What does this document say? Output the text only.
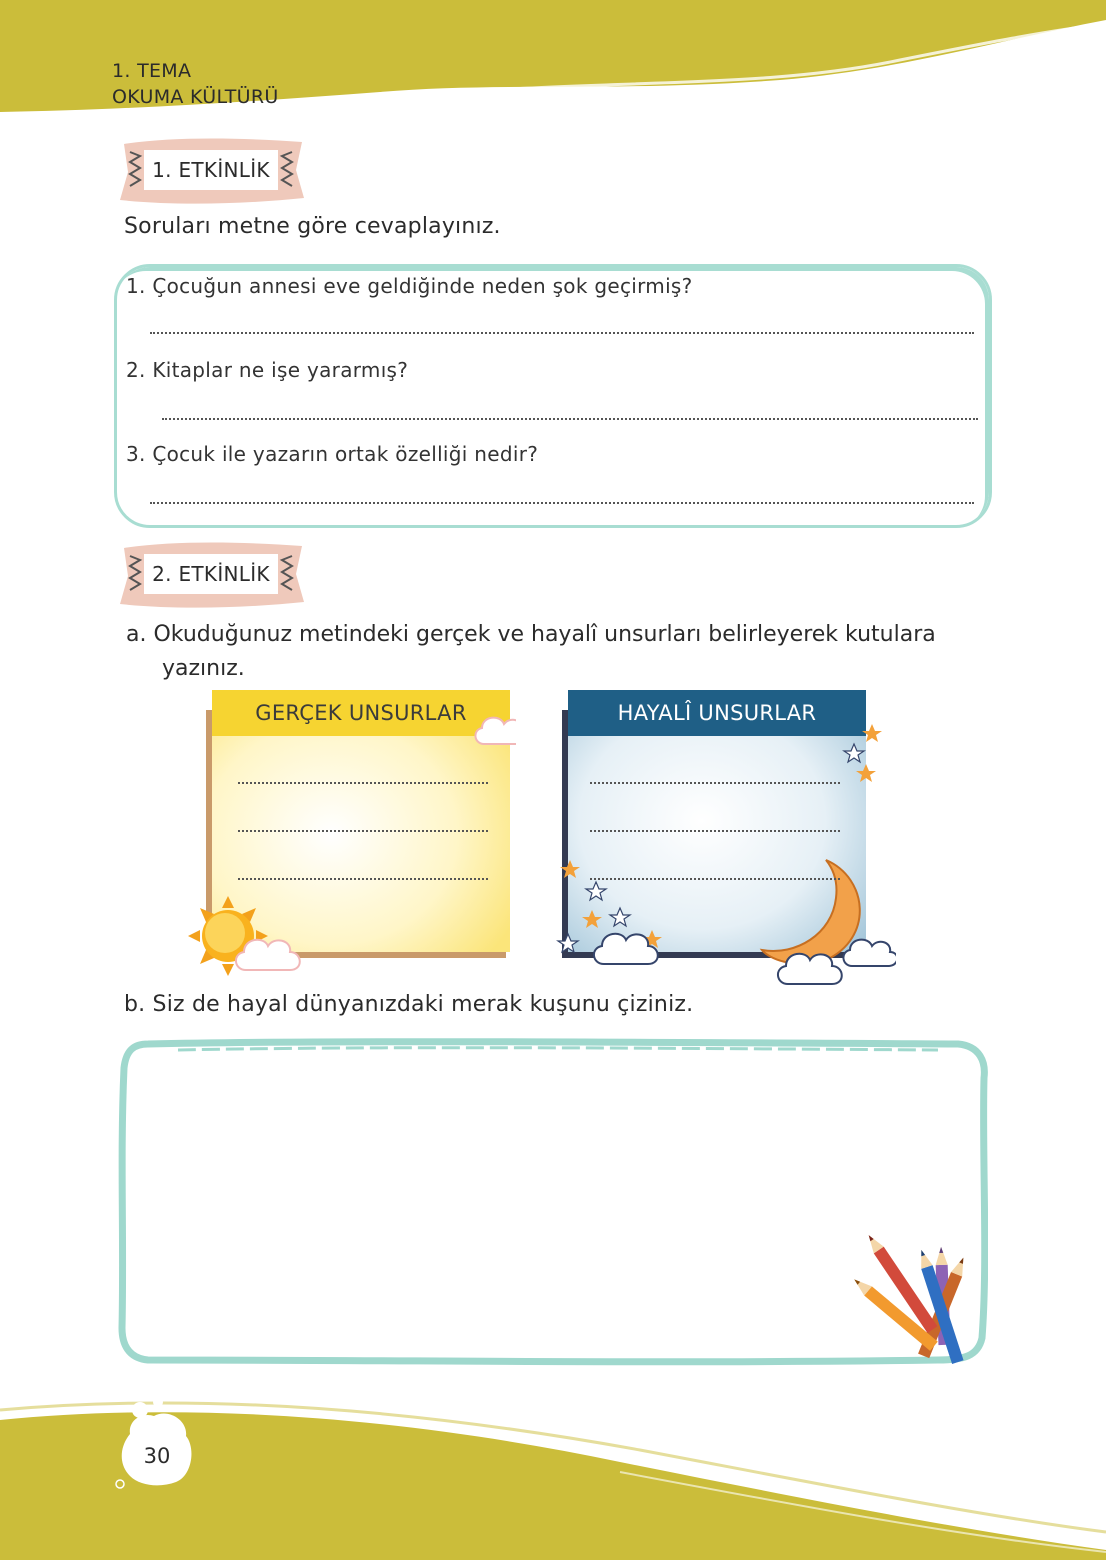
1. TEMA
OKUMA KÜLTÜRÜ
1. ETKİNLİK
Soruları metne göre cevaplayınız.
1. Çocuğun annesi eve geldiğinde neden şok geçirmiş?
2. Kitaplar ne işe yararmış?
3. Çocuk ile yazarın ortak özelliği nedir?
2. ETKİNLİK
a. Okuduğunuz metindeki gerçek ve hayalî unsurları belirleyerek kutulara
yazınız.
GERÇEK UNSURLAR	HAYALÎ UNSURLAR
b. Siz de hayal dünyanızdaki merak kuşunu çiziniz.
30
